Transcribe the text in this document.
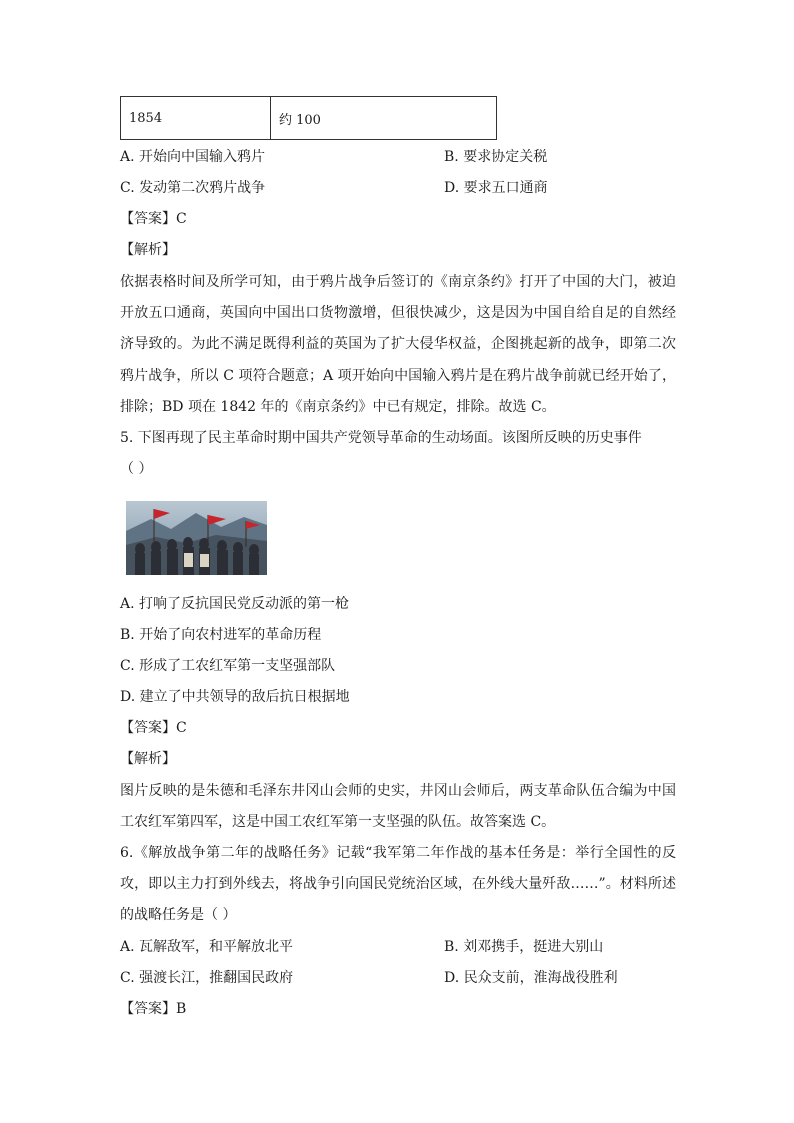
1854	约 100
A. 开始向中国输入鸦片	B. 要求协定关税
C. 发动第二次鸦片战争	D. 要求五口通商
【答案】C
【解析】
依据表格时间及所学可知，由于鸦片战争后签订的《南京条约》打开了中国的大门，被迫开放五口通商，英国向中国出口货物激增，但很快减少，这是因为中国自给自足的自然经济导致的。为此不满足既得利益的英国为了扩大侵华权益，企图挑起新的战争，即第二次鸦片战争，所以 C 项符合题意；A 项开始向中国输入鸦片是在鸦片战争前就已经开始了，排除；BD 项在 1842 年的《南京条约》中已有规定，排除。故选 C。
5. 下图再现了民主革命时期中国共产党领导革命的生动场面。该图所反映的历史事件
（ ）
A. 打响了反抗国民党反动派的第一枪
B. 开始了向农村进军的革命历程
C. 形成了工农红军第一支坚强部队
D. 建立了中共领导的敌后抗日根据地
【答案】C
【解析】
图片反映的是朱德和毛泽东井冈山会师的史实，井冈山会师后，两支革命队伍合编为中国工农红军第四军，这是中国工农红军第一支坚强的队伍。故答案选 C。
6.《解放战争第二年的战略任务》记载“我军第二年作战的基本任务是：举行全国性的反攻，即以主力打到外线去，将战争引向国民党统治区域，在外线大量歼敌……”。材料所述的战略任务是（ ）
A. 瓦解敌军，和平解放北平	B. 刘邓携手，挺进大别山
C. 强渡长江，推翻国民政府	D. 民众支前，淮海战役胜利
【答案】B
